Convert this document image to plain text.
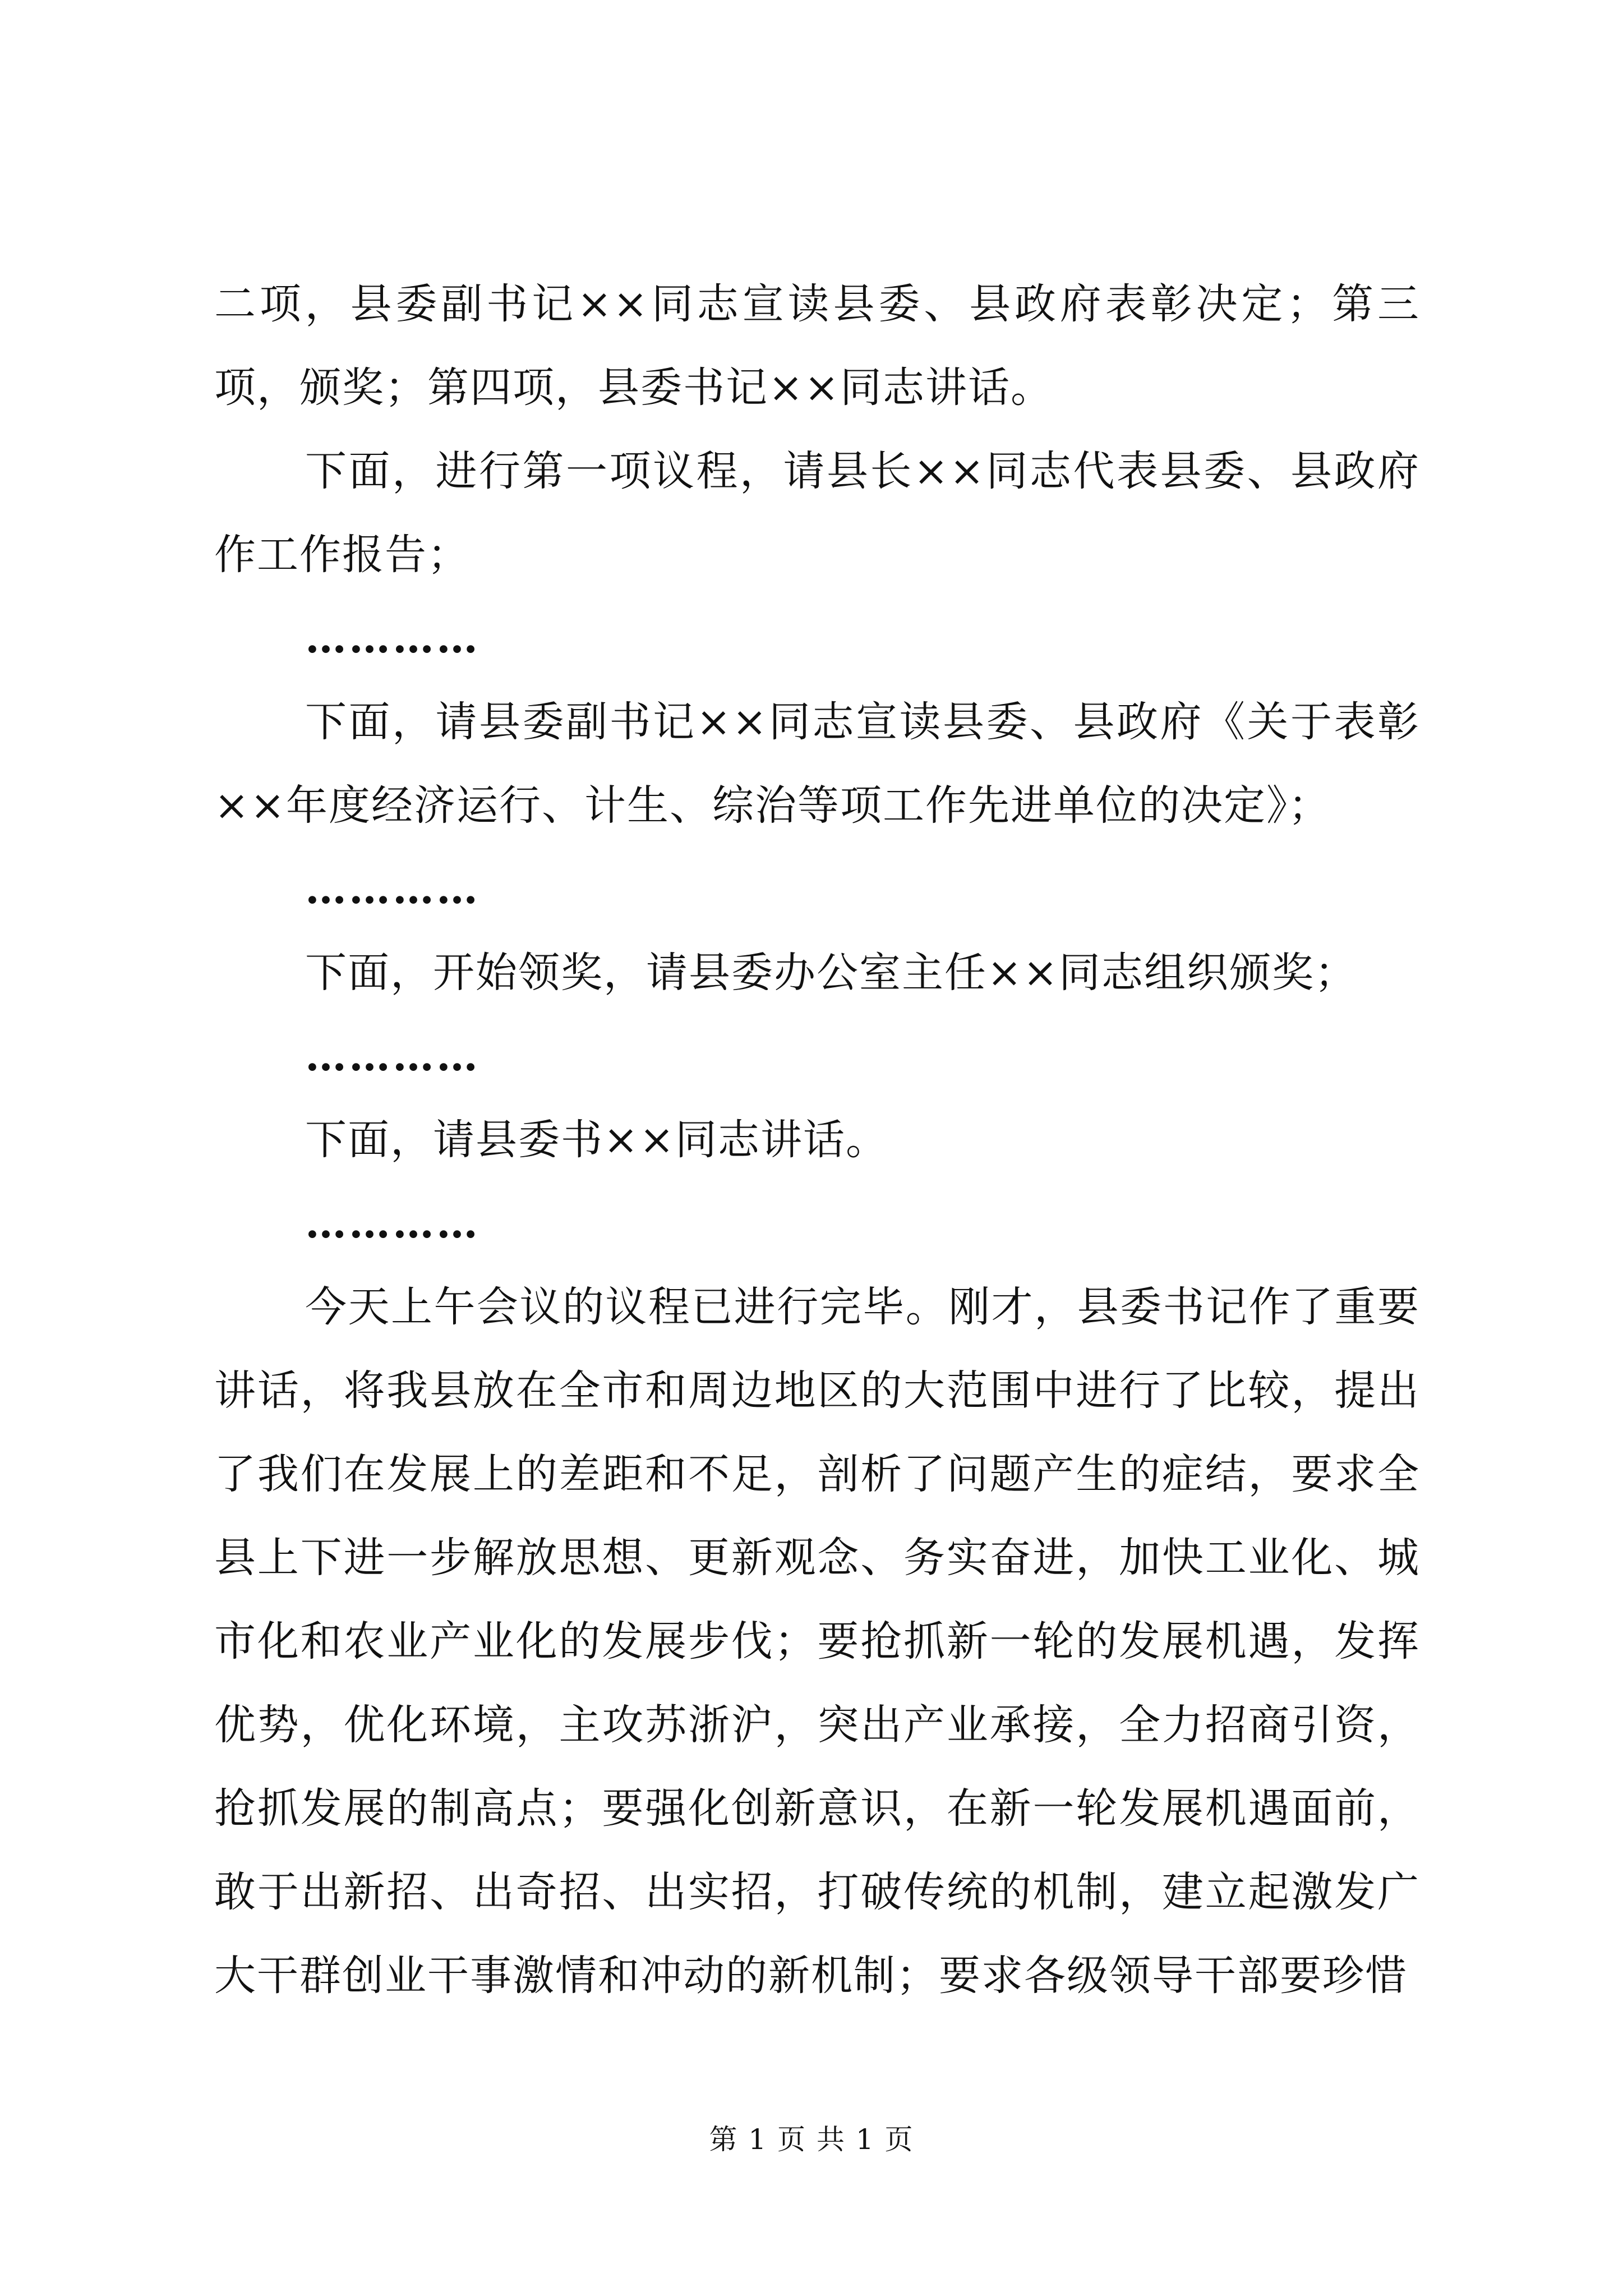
二项，县委副书记××同志宣读县委、县政府表彰决定；第三项，颁奖；第四项，县委书记××同志讲话。

下面，进行第一项议程，请县长××同志代表县委、县政府作工作报告；

…………

下面，请县委副书记××同志宣读县委、县政府《关于表彰××年度经济运行、计生、综治等项工作先进单位的决定》；

…………

下面，开始领奖，请县委办公室主任××同志组织颁奖；

…………

下面，请县委书××同志讲话。

…………

今天上午会议的议程已进行完毕。刚才，县委书记作了重要讲话，将我县放在全市和周边地区的大范围中进行了比较，提出了我们在发展上的差距和不足，剖析了问题产生的症结，要求全县上下进一步解放思想、更新观念、务实奋进，加快工业化、城市化和农业产业化的发展步伐；要抢抓新一轮的发展机遇，发挥优势，优化环境，主攻苏浙沪，突出产业承接，全力招商引资，抢抓发展的制高点；要强化创新意识，在新一轮发展机遇面前，敢于出新招、出奇招、出实招，打破传统的机制，建立起激发广大干群创业干事激情和冲动的新机制；要求各级领导干部要珍惜

第 1 页 共 1 页
